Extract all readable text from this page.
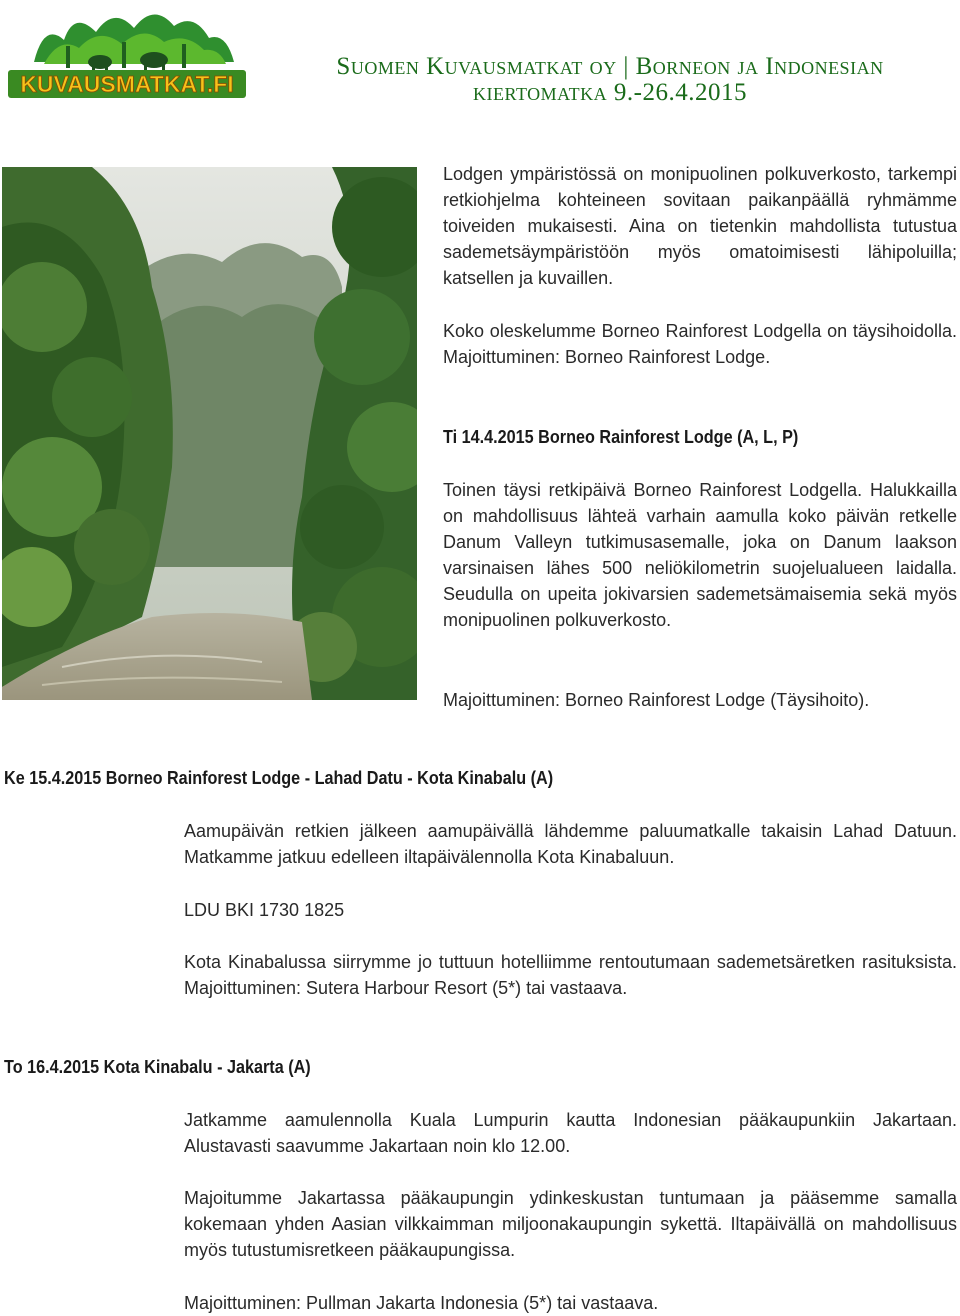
KUVAUSMATKAT.FI
Suomen Kuvausmatkat oy | Borneon ja Indonesian
kiertomatka 9.-26.4.2015

Lodgen ympäristössä on monipuolinen polkuverkosto, tarkempi retkiohjelma kohteineen sovitaan paikanpäällä ryhmämme toiveiden mukaisesti. Aina on tietenkin mahdollista tutustua sademetsäympäristöön myös omatoimisesti lähipoluilla; katsellen ja kuvaillen.

Koko oleskelumme Borneo Rainforest Lodgella on täysihoidolla. Majoittuminen: Borneo Rainforest Lodge.

Ti 14.4.2015 Borneo Rainforest Lodge (A, L, P)

Toinen täysi retkipäivä Borneo Rainforest Lodgella. Halukkailla on mahdollisuus lähteä varhain aamulla koko päivän retkelle Danum Valleyn tutkimusasemalle, joka on Danum laakson varsinaisen lähes 500 neliökilometrin suojelualueen laidalla. Seudulla on upeita jokivarsien sademetsämaisemia sekä myös monipuolinen polkuverkosto.

Majoittuminen: Borneo Rainforest Lodge (Täysihoito).

Ke 15.4.2015 Borneo Rainforest Lodge - Lahad Datu - Kota Kinabalu (A)

Aamupäivän retkien jälkeen aamupäivällä lähdemme paluumatkalle takaisin Lahad Datuun. Matkamme jatkuu edelleen iltapäivälennolla Kota Kinabaluun.

LDU BKI 1730 1825

Kota Kinabalussa siirrymme jo tuttuun hotelliimme rentoutumaan sademetsäretken rasituksista. Majoittuminen: Sutera Harbour Resort (5*) tai vastaava.

To 16.4.2015 Kota Kinabalu - Jakarta (A)

Jatkamme aamulennolla Kuala Lumpurin kautta Indonesian pääkaupunkiin Jakartaan. Alustavasti saavumme Jakartaan noin klo 12.00.

Majoitumme Jakartassa pääkaupungin ydinkeskustan tuntumaan ja pääsemme samalla kokemaan yhden Aasian vilkkaimman miljoonakaupungin sykettä. Iltapäivällä on mahdollisuus myös tutustumisretkeen pääkaupungissa.

Majoittuminen: Pullman Jakarta Indonesia (5*) tai vastaava.
